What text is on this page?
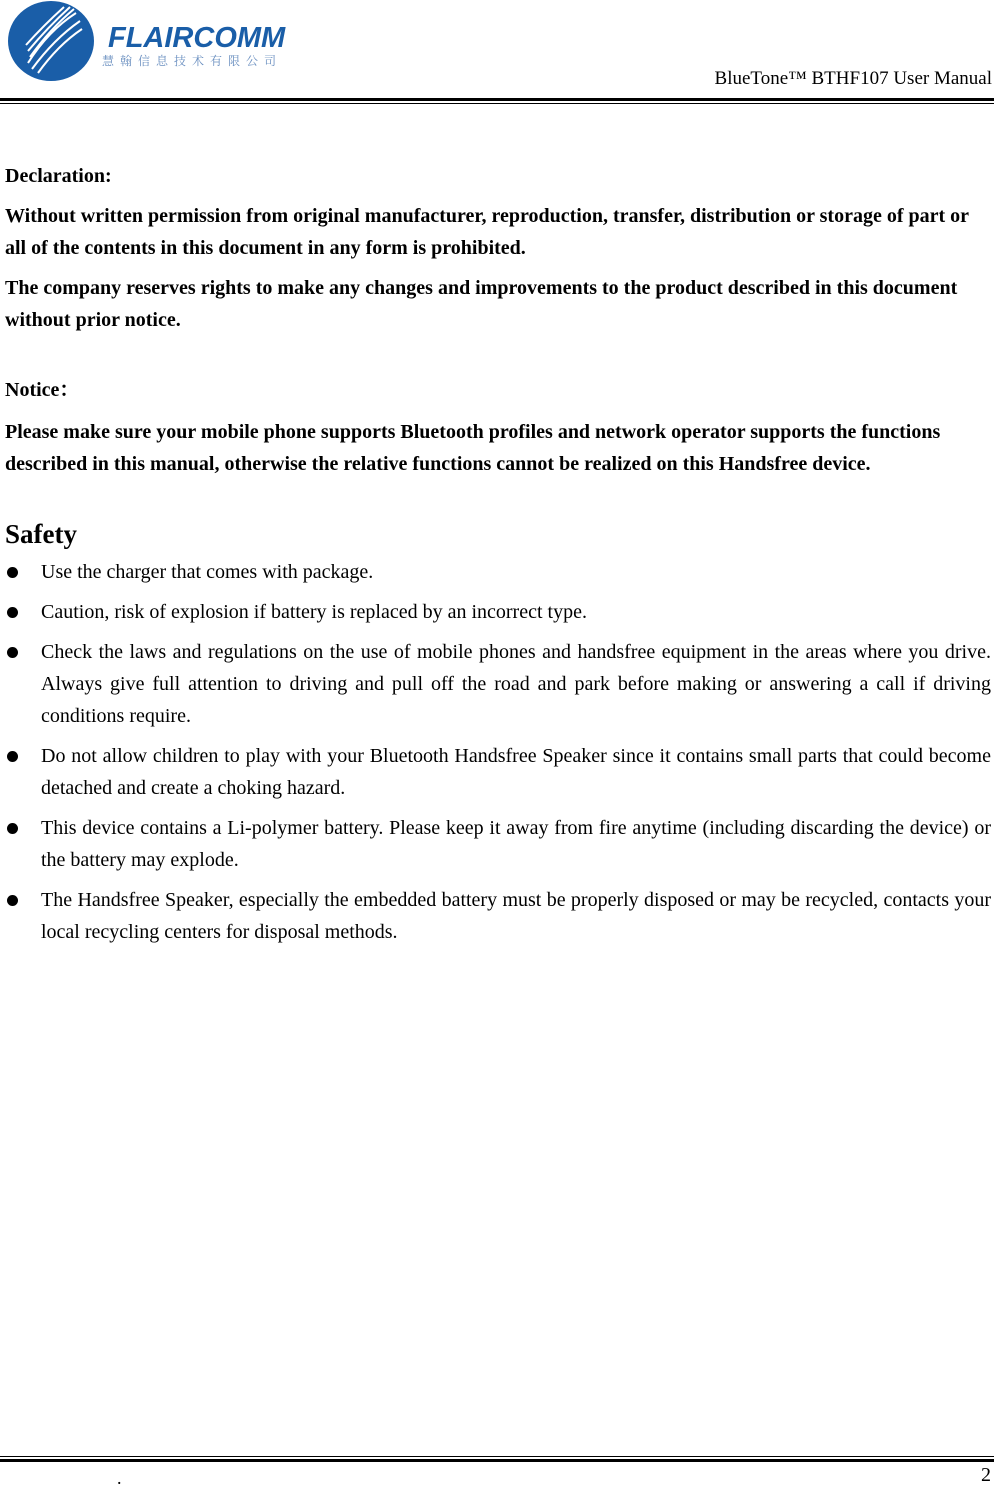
FLAIRCOMM
慧翰信息技术有限公司
BlueTone™ BTHF107 User Manual

Declaration:

Without written permission from original manufacturer, reproduction, transfer, distribution or storage of part or all of the contents in this document in any form is prohibited.

The company reserves rights to make any changes and improvements to the product described in this document without prior notice.

Notice：

Please make sure your mobile phone supports Bluetooth profiles and network operator supports the functions described in this manual, otherwise the relative functions cannot be realized on this Handsfree device.

Safety
Use the charger that comes with package.
Caution, risk of explosion if battery is replaced by an incorrect type.
Check the laws and regulations on the use of mobile phones and handsfree equipment in the areas where you drive. Always give full attention to driving and pull off the road and park before making or answering a call if driving conditions require.
Do not allow children to play with your Bluetooth Handsfree Speaker since it contains small parts that could become detached and create a choking hazard.
This device contains a Li-polymer battery. Please keep it away from fire anytime (including discarding the device) or the battery may explode.
The Handsfree Speaker, especially the embedded battery must be properly disposed or may be recycled, contacts your local recycling centers for disposal methods.
.	2
